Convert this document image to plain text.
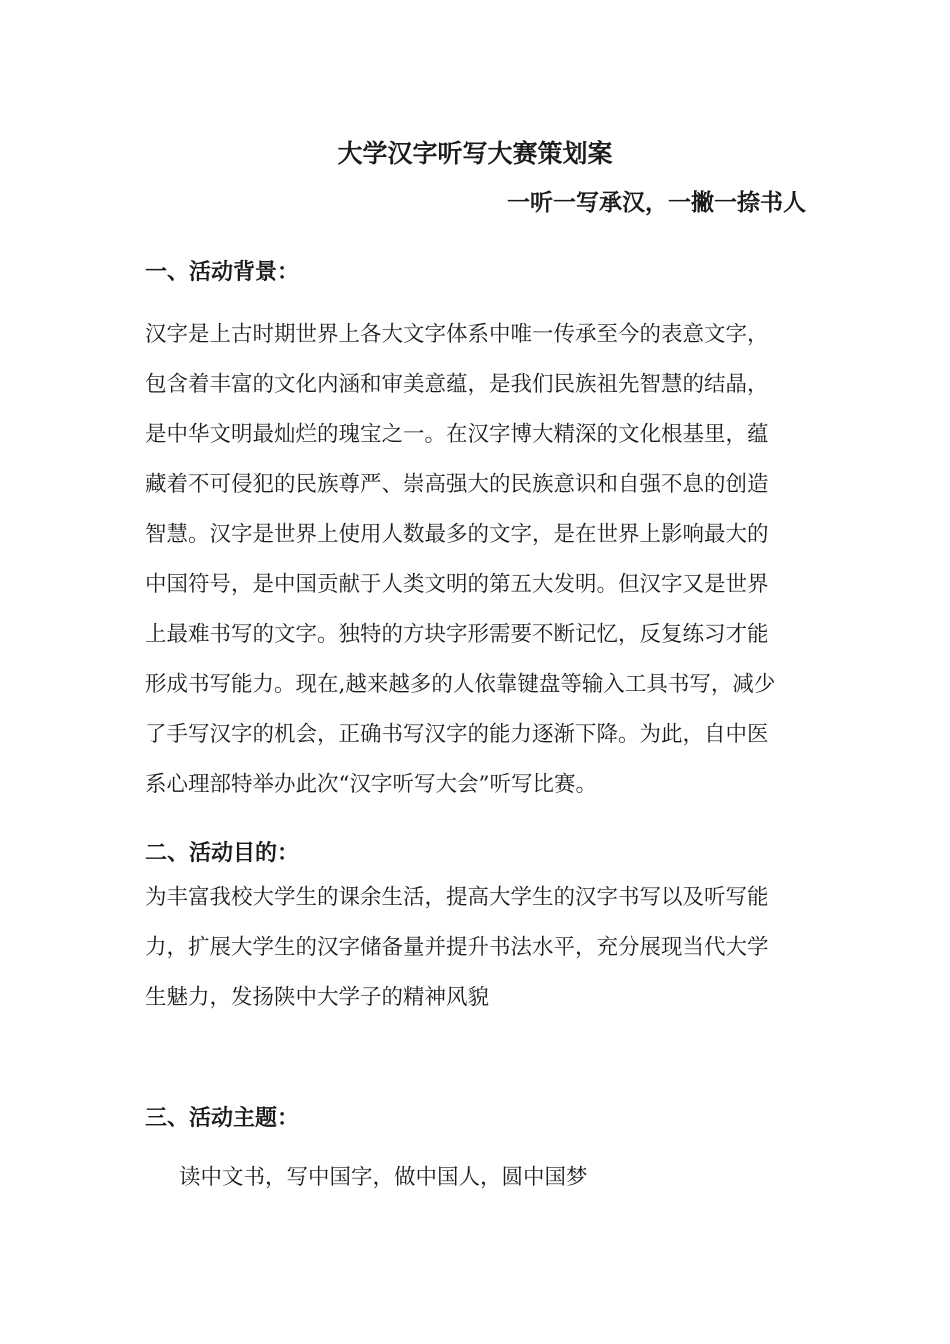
大学汉字听写大赛策划案
一听一写承汉，一撇一捺书人
一、活动背景：
汉字是上古时期世界上各大文字体系中唯一传承至今的表意文字，
包含着丰富的文化内涵和审美意蕴，是我们民族祖先智慧的结晶，
是中华文明最灿烂的瑰宝之一。在汉字博大精深的文化根基里，蕴
藏着不可侵犯的民族尊严、崇高强大的民族意识和自强不息的创造
智慧。汉字是世界上使用人数最多的文字，是在世界上影响最大的
中国符号，是中国贡献于人类文明的第五大发明。但汉字又是世界
上最难书写的文字。独特的方块字形需要不断记忆，反复练习才能
形成书写能力。现在,越来越多的人依靠键盘等输入工具书写，减少
了手写汉字的机会，正确书写汉字的能力逐渐下降。为此，自中医
系心理部特举办此次“汉字听写大会”听写比赛。
二、活动目的：
为丰富我校大学生的课余生活，提高大学生的汉字书写以及听写能
力，扩展大学生的汉字储备量并提升书法水平，充分展现当代大学
生魅力，发扬陕中大学子的精神风貌
三、活动主题：
读中文书，写中国字，做中国人，圆中国梦
